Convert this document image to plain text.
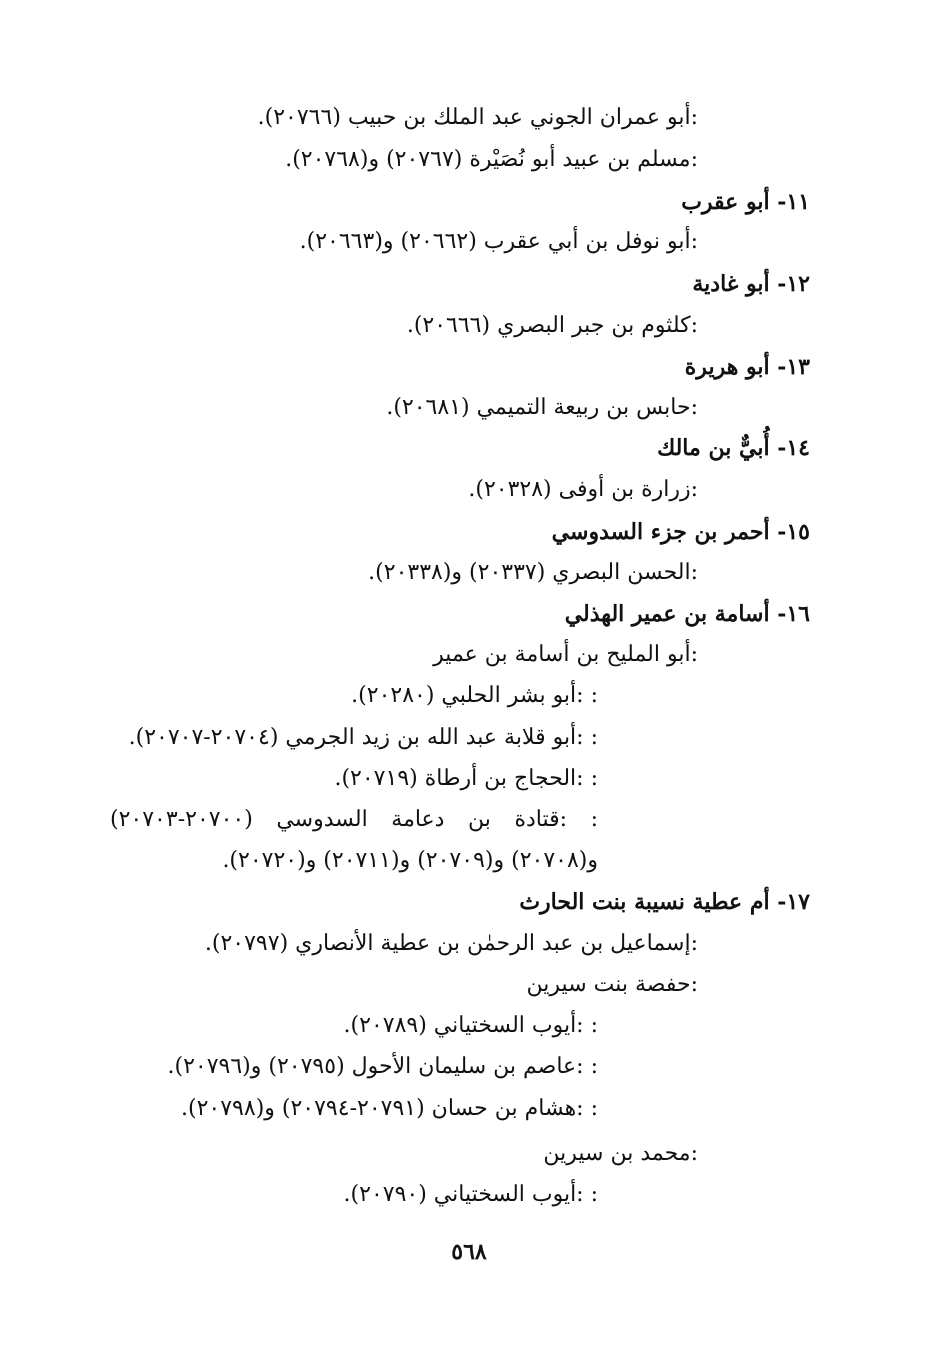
:أبو عمران الجوني عبد الملك بن حبيب (٢٠٧٦٦).
:مسلم بن عبيد أبو نُصَيْرة (٢٠٧٦٧) و(٢٠٧٦٨).
١١- أبو عقرب
:أبو نوفل بن أبي عقرب (٢٠٦٦٢) و(٢٠٦٦٣).
١٢- أبو غادية
:كلثوم بن جبر البصري (٢٠٦٦٦).
١٣- أبو هريرة
:حابس بن ربيعة التميمي (٢٠٦٨١).
١٤- أُبيٌّ بن مالك
:زرارة بن أوفى (٢٠٣٢٨).
١٥- أحمر بن جزء السدوسي
:الحسن البصري (٢٠٣٣٧) و(٢٠٣٣٨).
١٦- أسامة بن عمير الهذلي
:أبو المليح بن أسامة بن عمير
: :أبو بشر الحلبي (٢٠٢٨٠).
: :أبو قلابة عبد الله بن زيد الجرمي (٢٠٧٠٤-٢٠٧٠٧).
: :الحجاج بن أرطاة (٢٠٧١٩).
: :قتادة بن دعامة السدوسي (٢٠٧٠٠-٢٠٧٠٣)
و(٢٠٧٠٨) و(٢٠٧٠٩) و(٢٠٧١١) و(٢٠٧٢٠).
١٧- أم عطية نسيبة بنت الحارث
:إسماعيل بن عبد الرحمٰن بن عطية الأنصاري (٢٠٧٩٧).
:حفصة بنت سيرين
: :أيوب السختياني (٢٠٧٨٩).
: :عاصم بن سليمان الأحول (٢٠٧٩٥) و(٢٠٧٩٦).
: :هشام بن حسان (٢٠٧٩١-٢٠٧٩٤) و(٢٠٧٩٨).
:محمد بن سيرين
: :أيوب السختياني (٢٠٧٩٠).
٥٦٨
